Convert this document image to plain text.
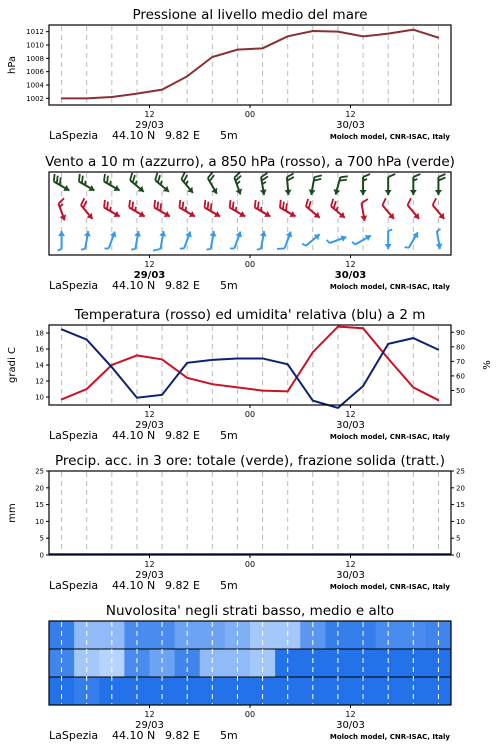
Pressione al livello medio del mare
1002
1004
1006
1008
1010
1012
hPa
12	00	12
29/03	30/03
LaSpezia 44.10 N 9.82 E 5m	Moloch model, CNR-ISAC, Italy
Vento a 10 m (azzurro), a 850 hPa (rosso), a 700 hPa (verde)
12	00	12
29/03	30/03
LaSpezia 44.10 N 9.82 E 5m	Moloch model, CNR-ISAC, Italy
Temperatura (rosso) ed umidita' relativa (blu) a 2 m
10
12
14
16
18
50
60
70
80
90
gradi C	%
12	00	12
29/03	30/03
LaSpezia 44.10 N 9.82 E 5m	Moloch model, CNR-ISAC, Italy
Precip. acc. in 3 ore: totale (verde), frazione solida (tratt.)
0	0
5	5
10	10
15	15
20	20
25	25
mm
12	00	12
29/03	30/03
LaSpezia 44.10 N 9.82 E 5m	Moloch model, CNR-ISAC, Italy
Nuvolosita' negli strati basso, medio e alto
12	00	12
29/03	30/03
LaSpezia 44.10 N 9.82 E 5m	Moloch model, CNR-ISAC, Italy
